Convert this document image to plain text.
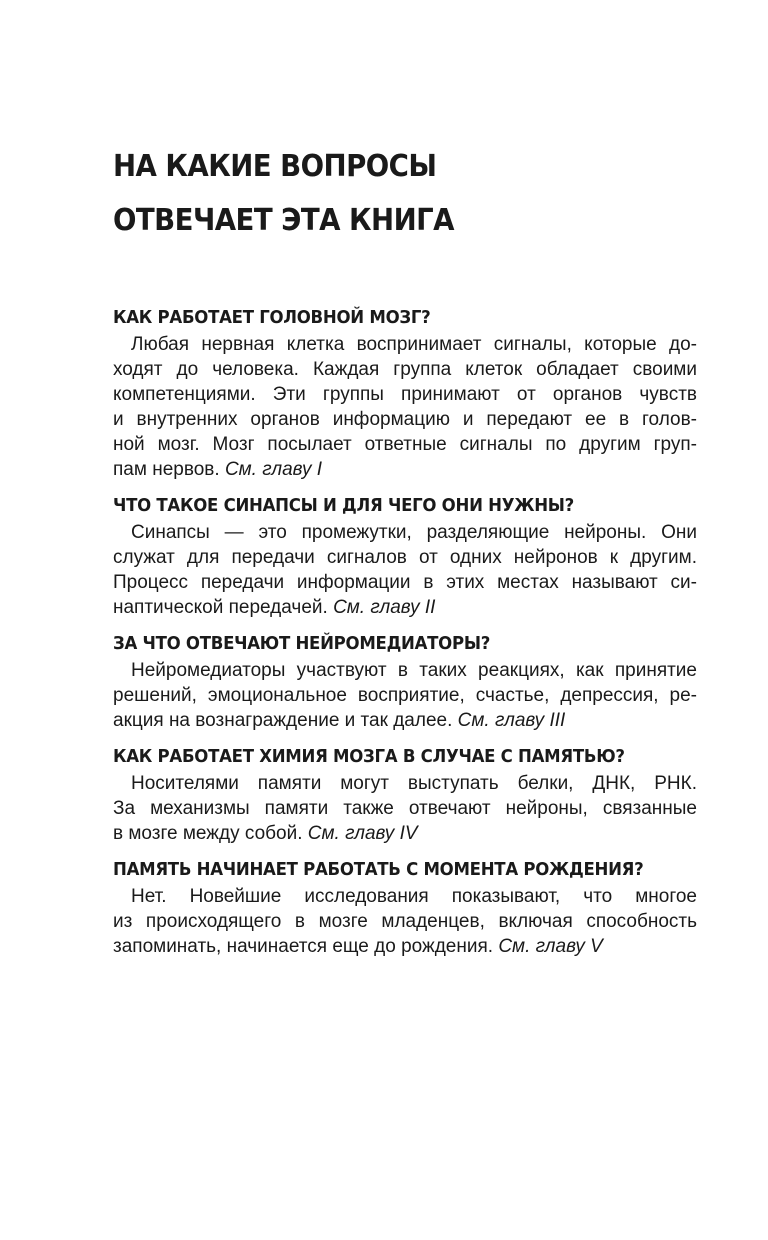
НА КАКИЕ ВОПРОСЫ
ОТВЕЧАЕТ ЭТА КНИГА
КАК РАБОТАЕТ ГОЛОВНОЙ МОЗГ?

Любая нервная клетка воспринимает сигналы, которые до-
ходят до человека. Каждая группа клеток обладает своими
компетенциями. Эти группы принимают от органов чувств
и внутренних органов информацию и передают ее в голов-
ной мозг. Мозг посылает ответные сигналы по другим груп-
пам нервов. См. главу I

ЧТО ТАКОЕ СИНАПСЫ И ДЛЯ ЧЕГО ОНИ НУЖНЫ?

Синапсы — это промежутки, разделяющие нейроны. Они
служат для передачи сигналов от одних нейронов к другим.
Процесс передачи информации в этих местах называют си-
наптической передачей. См. главу II

ЗА ЧТО ОТВЕЧАЮТ НЕЙРОМЕДИАТОРЫ?

Нейромедиаторы участвуют в таких реакциях, как принятие
решений, эмоциональное восприятие, счастье, депрессия, ре-
акция на вознаграждение и так далее. См. главу III

КАК РАБОТАЕТ ХИМИЯ МОЗГА В СЛУЧАЕ С ПАМЯТЬЮ?

Носителями памяти могут выступать белки, ДНК, РНК.
За механизмы памяти также отвечают нейроны, связанные
в мозге между собой. См. главу IV

ПАМЯТЬ НАЧИНАЕТ РАБОТАТЬ С МОМЕНТА РОЖДЕНИЯ?

Нет. Новейшие исследования показывают, что многое
из происходящего в мозге младенцев, включая способность
запоминать, начинается еще до рождения. См. главу V
